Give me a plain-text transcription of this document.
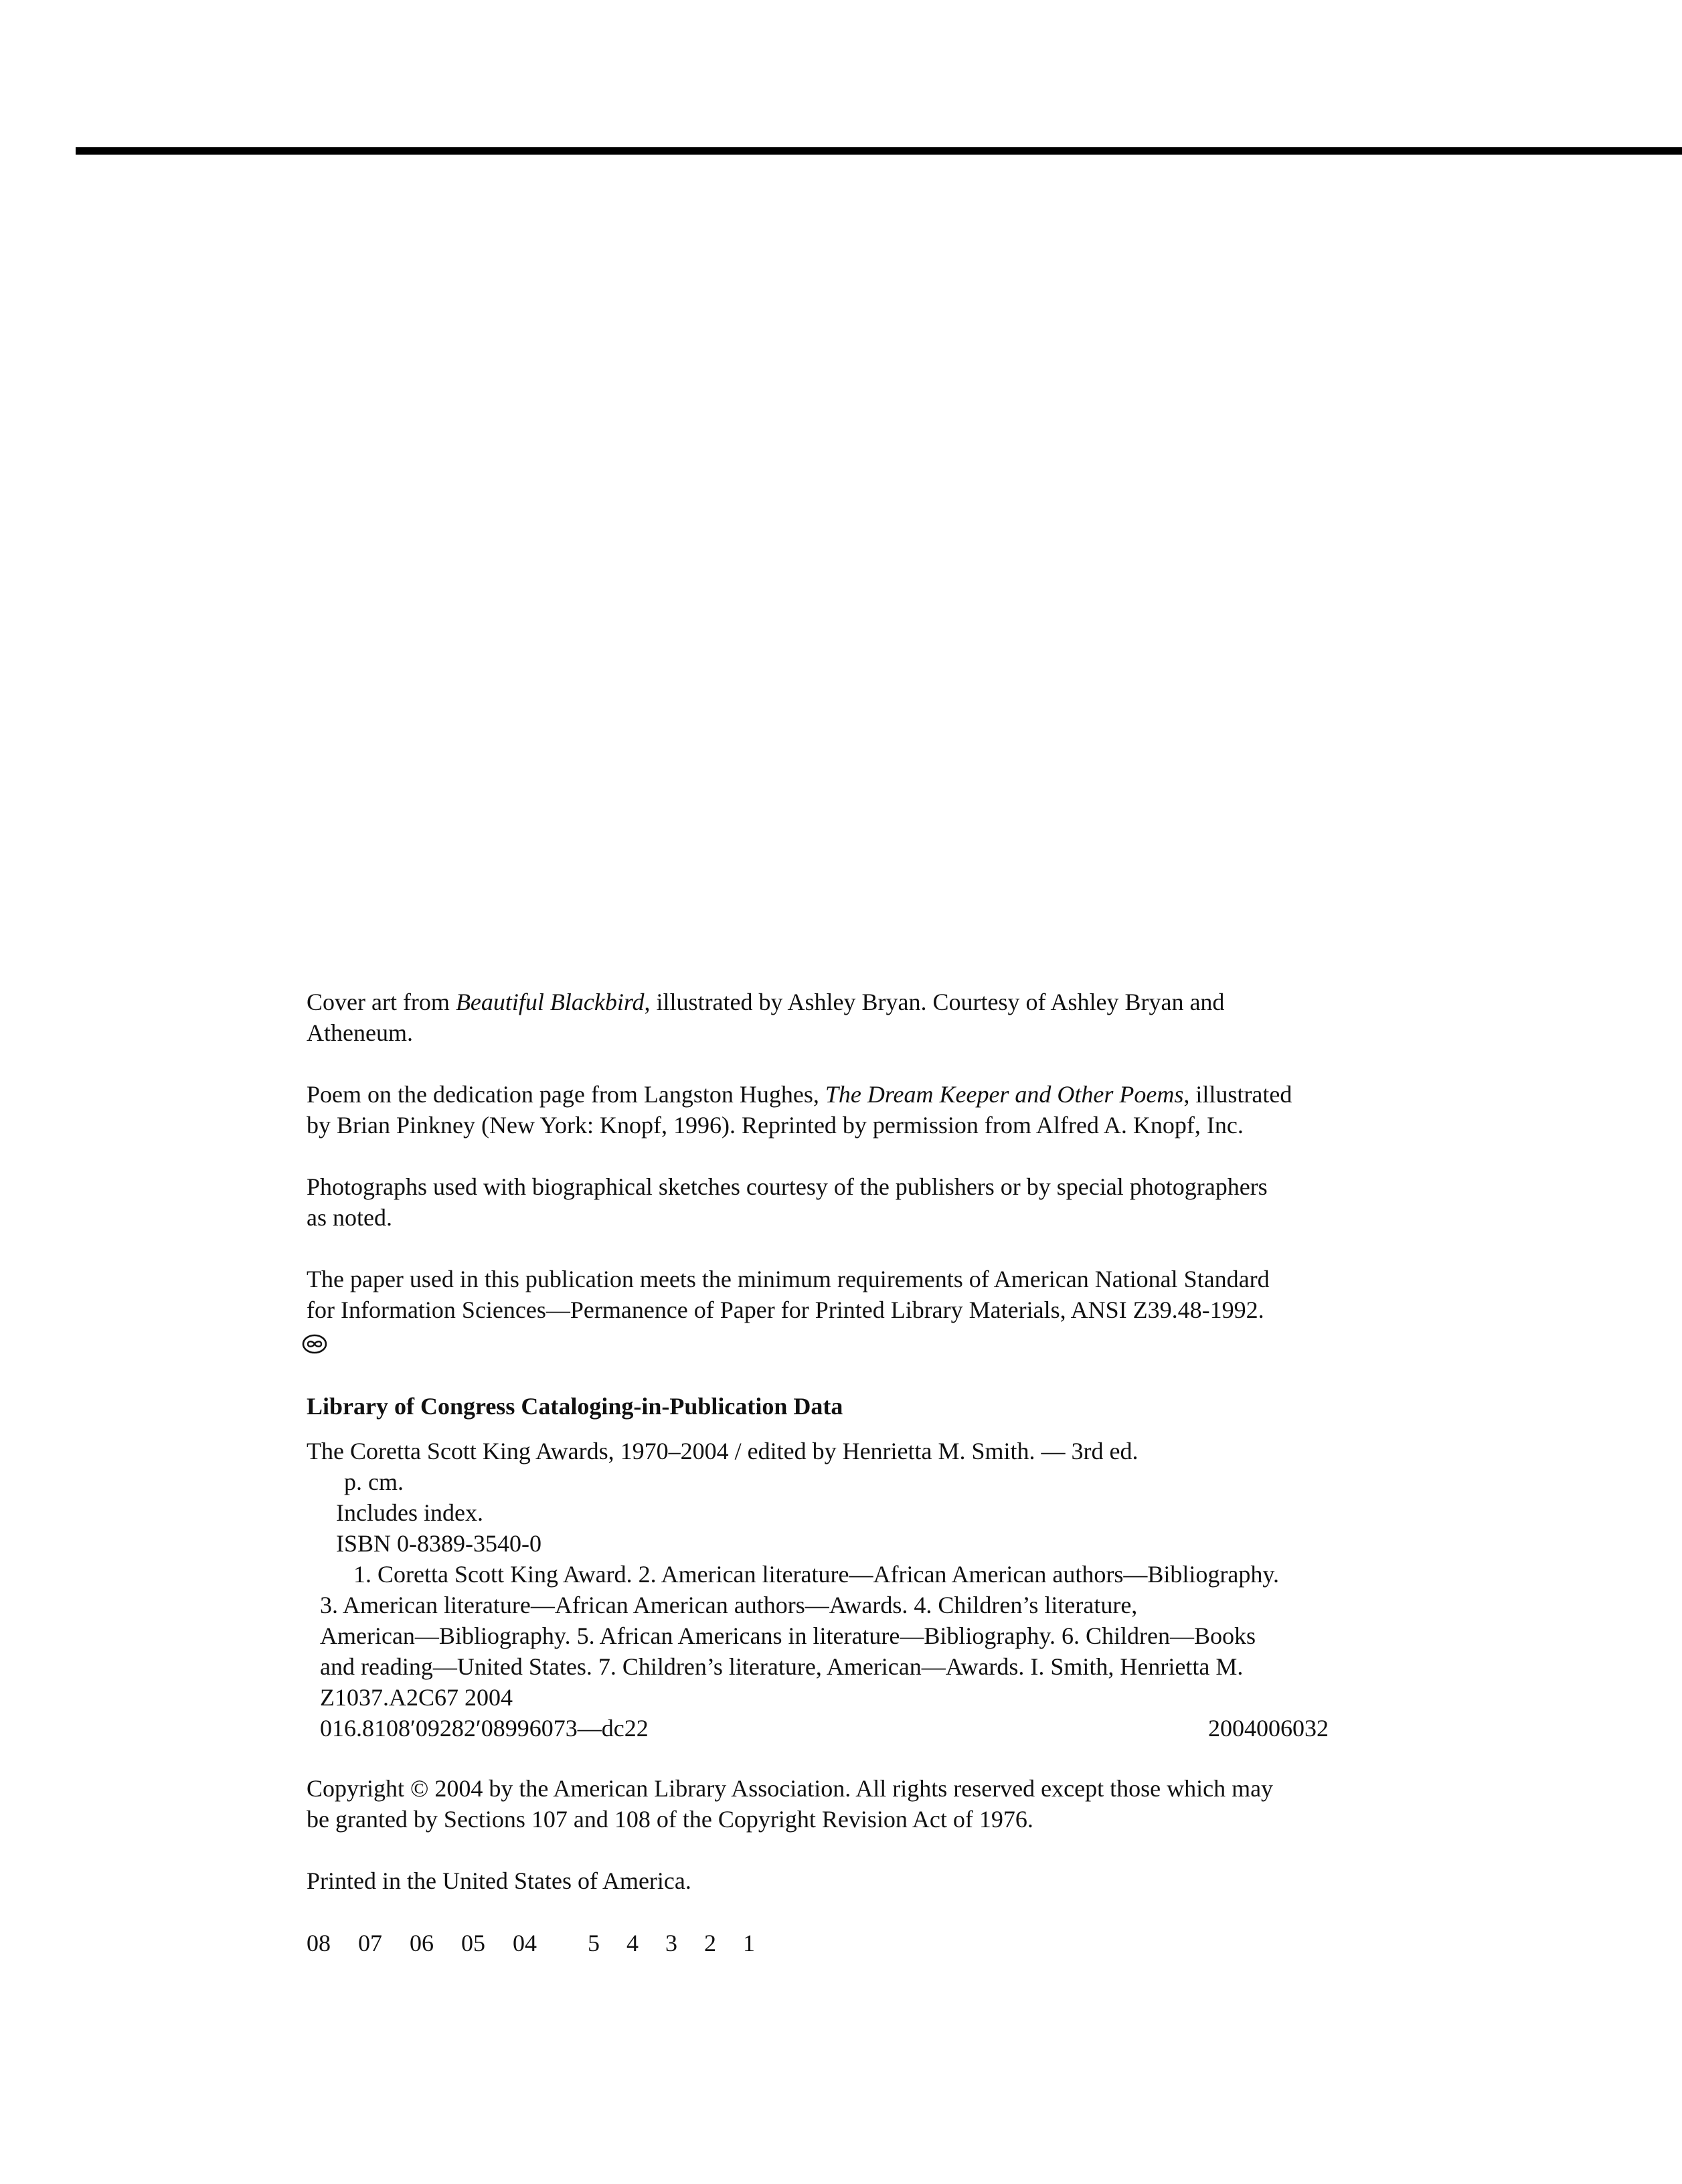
Cover art from Beautiful Blackbird, illustrated by Ashley Bryan. Courtesy of Ashley Bryan and

Atheneum.

Poem on the dedication page from Langston Hughes, The Dream Keeper and Other Poems, illustrated

by Brian Pinkney (New York: Knopf, 1996). Reprinted by permission from Alfred A. Knopf, Inc.

Photographs used with biographical sketches courtesy of the publishers or by special photographers

as noted.

The paper used in this publication meets the minimum requirements of American National Standard

for Information Sciences—Permanence of Paper for Printed Library Materials, ANSI Z39.48-1992.

Library of Congress Cataloging-in-Publication Data

The Coretta Scott King Awards, 1970–2004 / edited by Henrietta M. Smith. — 3rd ed.

p. cm.

Includes index.

ISBN 0-8389-3540-0

1. Coretta Scott King Award. 2. American literature—African American authors—Bibliography.

3. American literature—African American authors—Awards. 4. Children’s literature,

American—Bibliography. 5. African Americans in literature—Bibliography. 6. Children—Books

and reading—United States. 7. Children’s literature, American—Awards. I. Smith, Henrietta M.

Z1037.A2C67 2004

016.8108′09282′08996073—dc22	2004006032

Copyright © 2004 by the American Library Association. All rights reserved except those which may

be granted by Sections 107 and 108 of the Copyright Revision Act of 1976.

Printed in the United States of America.
08 07 06 05 04 5 4 3 2 1
